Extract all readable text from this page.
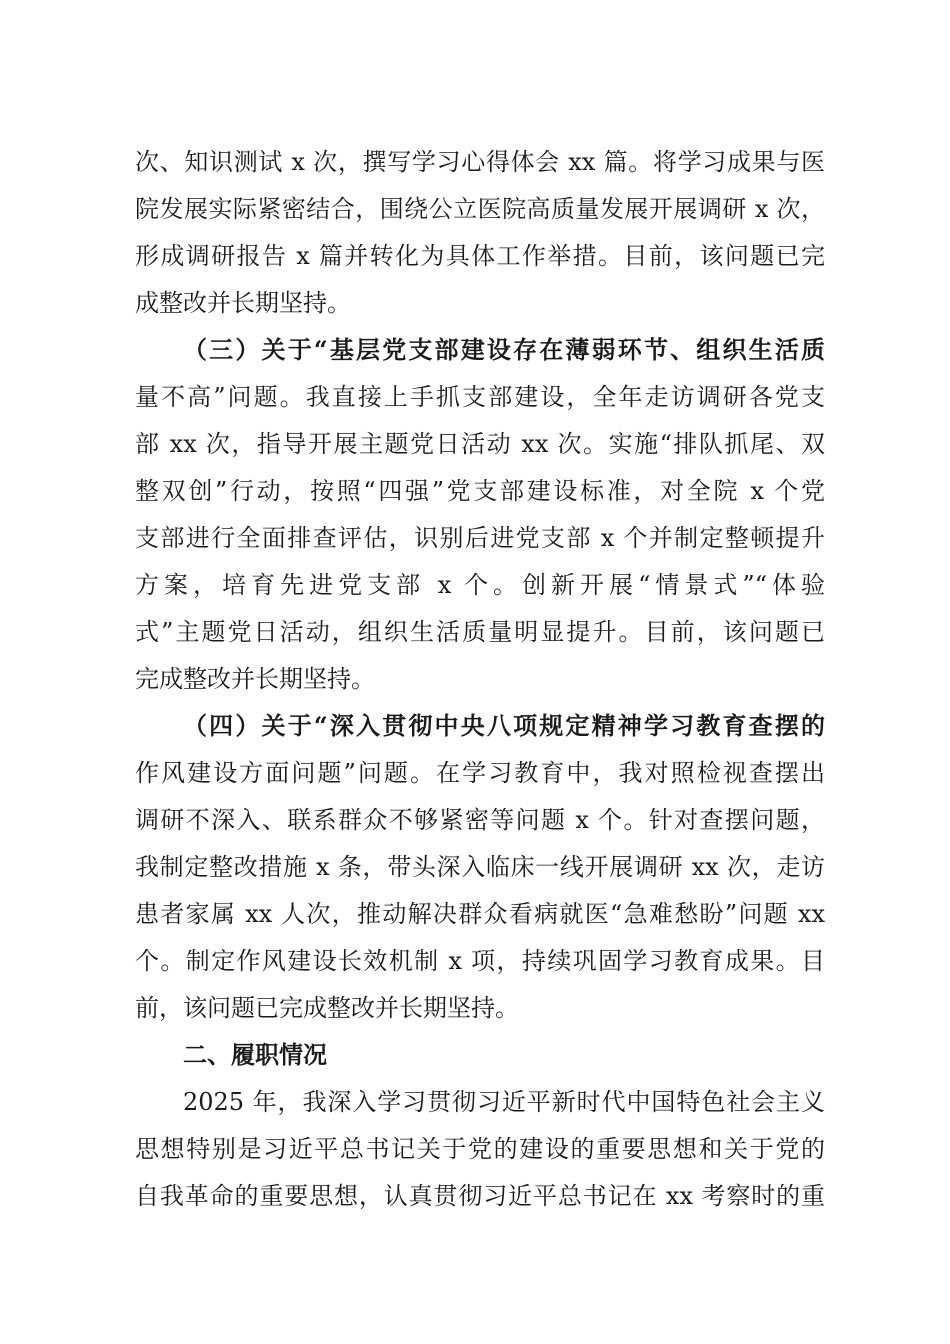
次、知识测试 x 次，撰写学习心得体会 xx 篇。将学习成果与医
院发展实际紧密结合，围绕公立医院高质量发展开展调研 x 次，
形成调研报告 x 篇并转化为具体工作举措。目前，该问题已完
成整改并长期坚持。
（三）关于“基层党支部建设存在薄弱环节、组织生活质
量不高”问题。我直接上手抓支部建设，全年走访调研各党支
部 xx 次，指导开展主题党日活动 xx 次。实施“排队抓尾、双
整双创”行动，按照“四强”党支部建设标准，对全院 x 个党
支部进行全面排查评估，识别后进党支部 x 个并制定整顿提升
方案，培育先进党支部 x 个。创新开展“情景式”“体验
式”主题党日活动，组织生活质量明显提升。目前，该问题已
完成整改并长期坚持。
（四）关于“深入贯彻中央八项规定精神学习教育查摆的
作风建设方面问题”问题。在学习教育中，我对照检视查摆出
调研不深入、联系群众不够紧密等问题 x 个。针对查摆问题，
我制定整改措施 x 条，带头深入临床一线开展调研 xx 次，走访
患者家属 xx 人次，推动解决群众看病就医“急难愁盼”问题 xx
个。制定作风建设长效机制 x 项，持续巩固学习教育成果。目
前，该问题已完成整改并长期坚持。
二、履职情况
2025 年，我深入学习贯彻习近平新时代中国特色社会主义
思想特别是习近平总书记关于党的建设的重要思想和关于党的
自我革命的重要思想，认真贯彻习近平总书记在 xx 考察时的重
